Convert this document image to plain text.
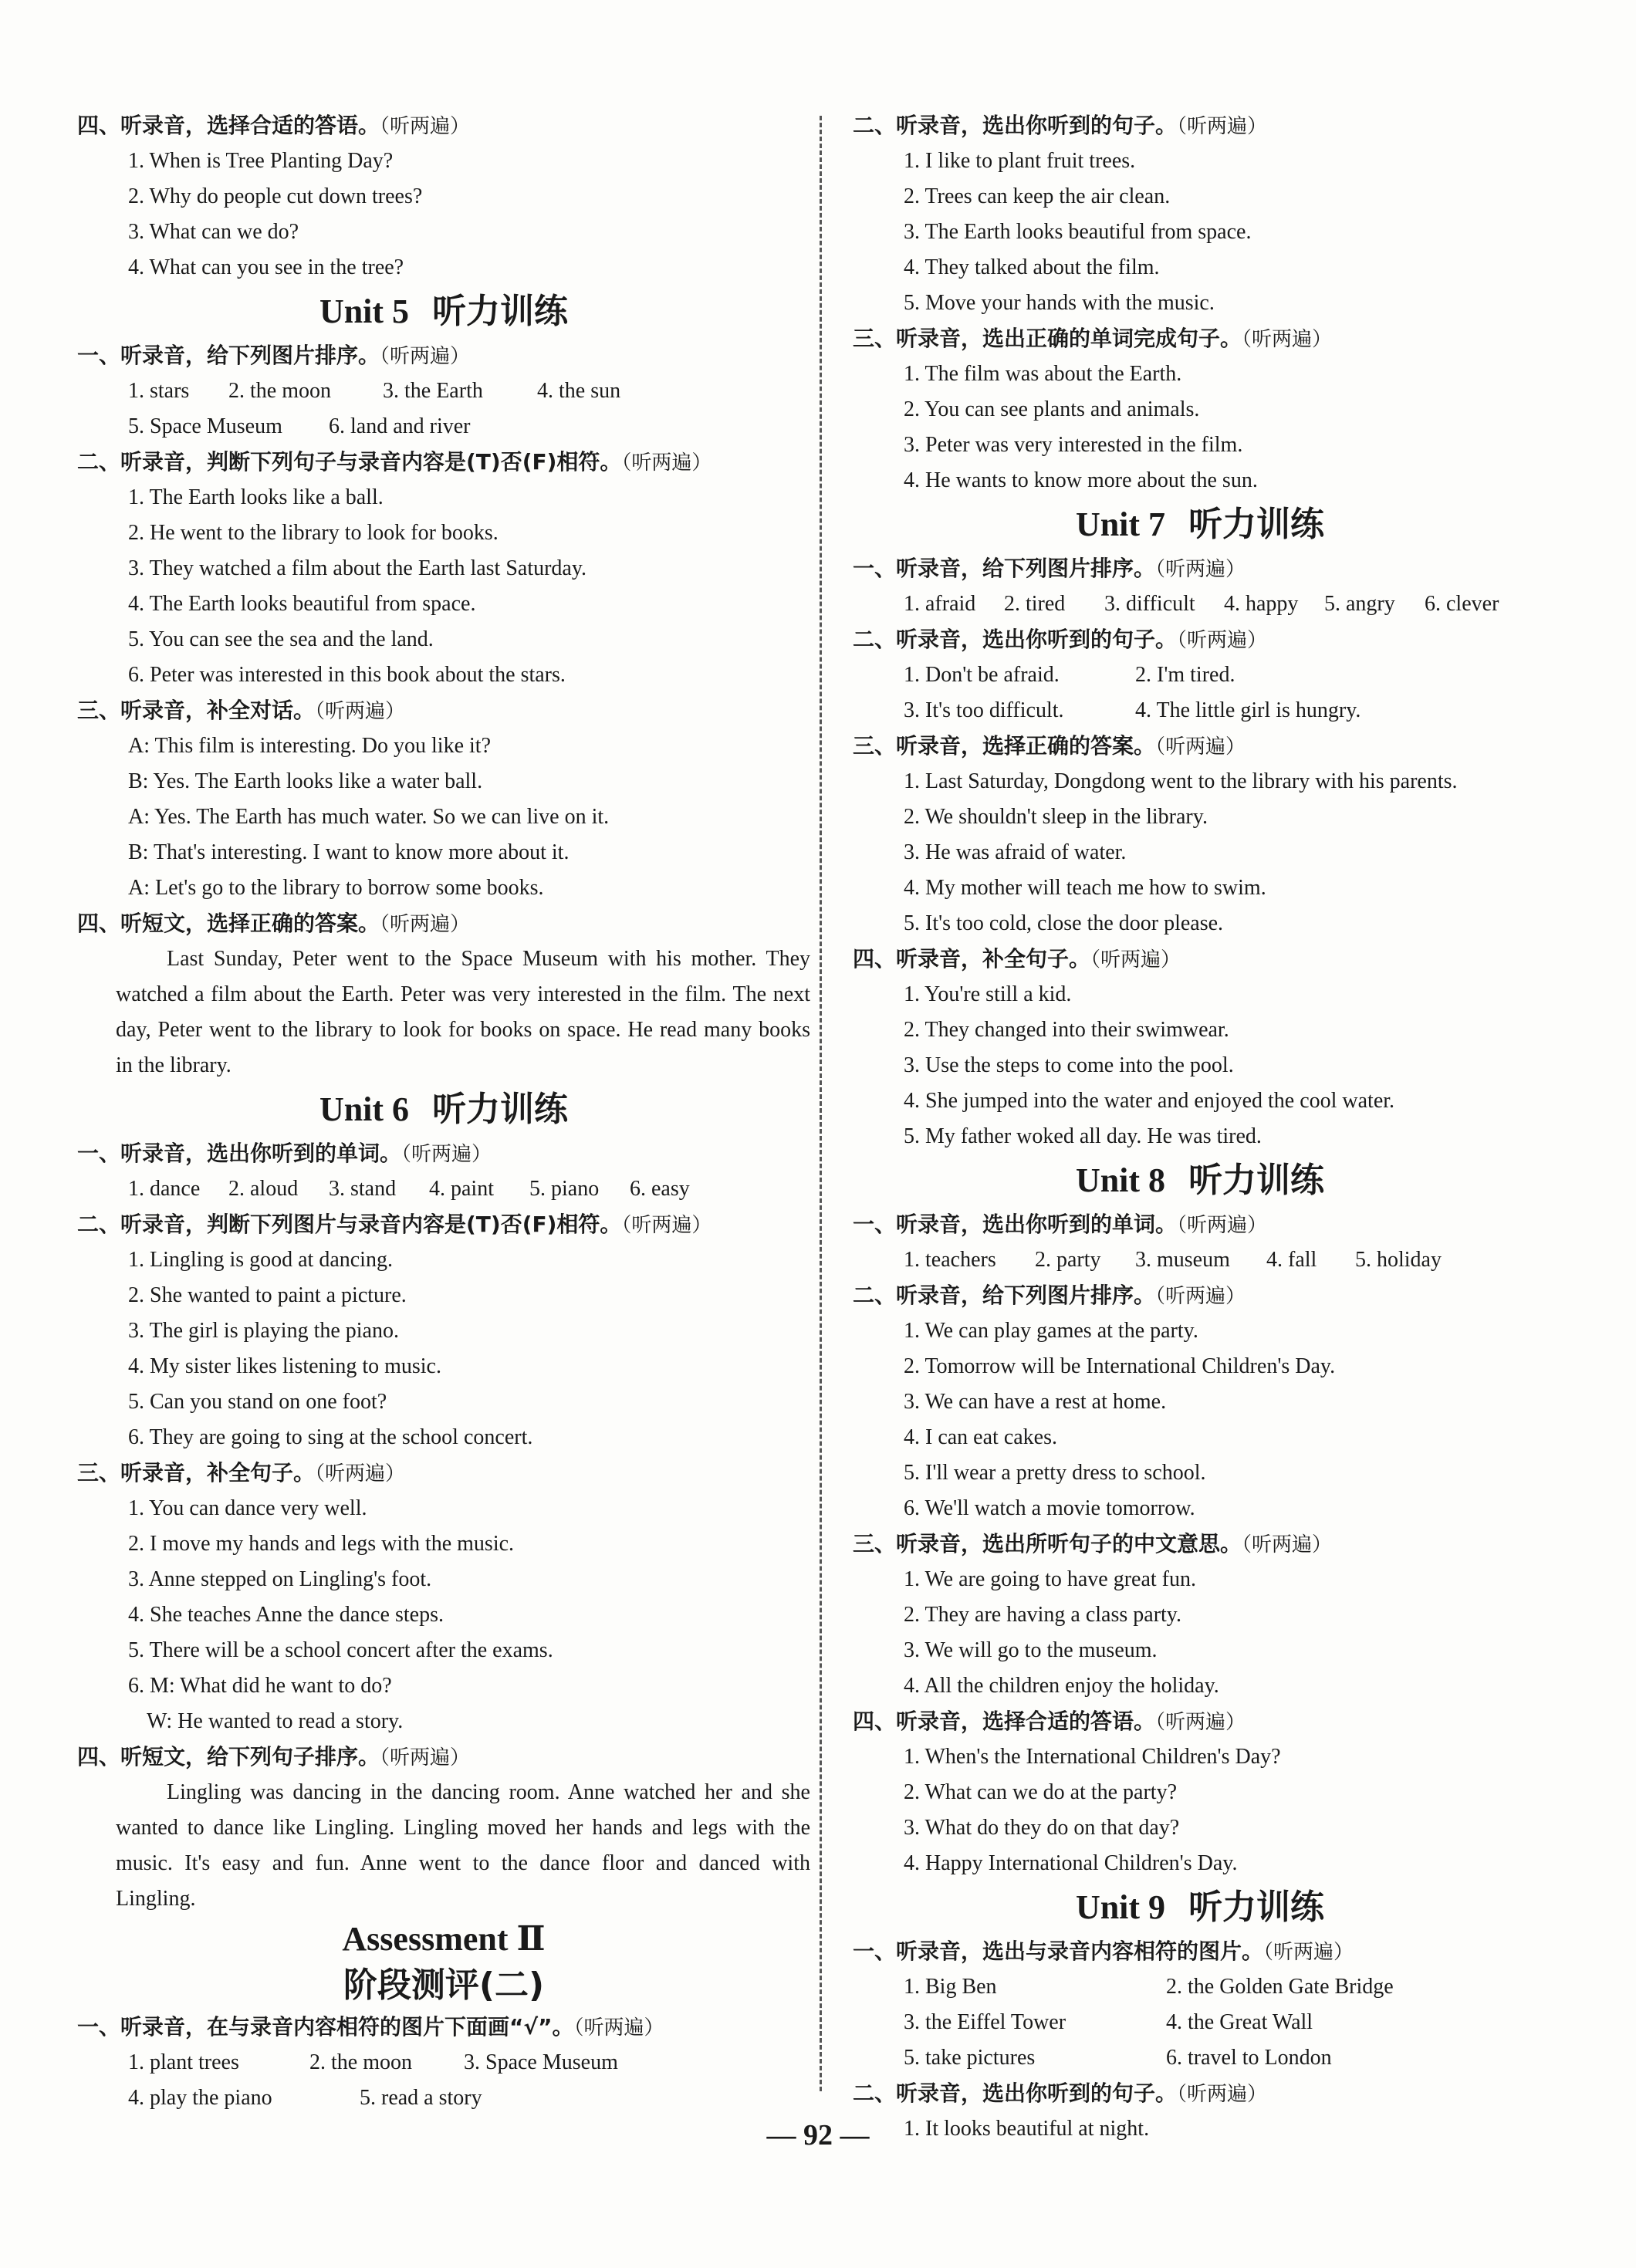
四、听录音，选择合适的答语。（听两遍）
1. When is Tree Planting Day?
2. Why do people cut down trees?
3. What can we do?
4. What can you see in the tree?
Unit 5 听力训练
一、听录音，给下列图片排序。（听两遍）
1. stars 2. the moon 3. the Earth	4. the sun
5. Space Museum 6. land and river
二、听录音，判断下列句子与录音内容是(T)否(F)相符。（听两遍）
1. The Earth looks like a ball.
2. He went to the library to look for books.
3. They watched a film about the Earth last Saturday.
4. The Earth looks beautiful from space.
5. You can see the sea and the land.
6. Peter was interested in this book about the stars.
三、听录音，补全对话。（听两遍）
A: This film is interesting. Do you like it?
B: Yes. The Earth looks like a water ball.
A: Yes. The Earth has much water. So we can live on it.
B: That's interesting. I want to know more about it.
A: Let's go to the library to borrow some books.
四、听短文，选择正确的答案。（听两遍）
Last Sunday, Peter went to the Space Museum with his mother. They watched a film about the Earth. Peter was very interested in the film. The next day, Peter went to the library to look for books on space. He read many books in the library.
Unit 6 听力训练
一、听录音，选出你听到的单词。（听两遍）
1. dance 2. aloud 3. stand 4. paint 5. piano 6. easy
二、听录音，判断下列图片与录音内容是(T)否(F)相符。（听两遍）
1. Lingling is good at dancing.
2. She wanted to paint a picture.
3. The girl is playing the piano.
4. My sister likes listening to music.
5. Can you stand on one foot?
6. They are going to sing at the school concert.
三、听录音，补全句子。（听两遍）
1. You can dance very well.
2. I move my hands and legs with the music.
3. Anne stepped on Lingling's foot.
4. She teaches Anne the dance steps.
5. There will be a school concert after the exams.
6. M: What did he want to do?
W: He wanted to read a story.
四、听短文，给下列句子排序。（听两遍）
Lingling was dancing in the dancing room. Anne watched her and she wanted to dance like Lingling. Lingling moved her hands and legs with the music. It's easy and fun. Anne went to the dance floor and danced with Lingling.
Assessment Ⅱ
阶段测评(二)
一、听录音，在与录音内容相符的图片下面画“√”。（听两遍）
1. plant trees	2. the moon 3. Space Museum
4. play the piano	5. read a story
二、听录音，选出你听到的句子。（听两遍）
1. I like to plant fruit trees.
2. Trees can keep the air clean.
3. The Earth looks beautiful from space.
4. They talked about the film.
5. Move your hands with the music.
三、听录音，选出正确的单词完成句子。（听两遍）
1. The film was about the Earth.
2. You can see plants and animals.
3. Peter was very interested in the film.
4. He wants to know more about the sun.
Unit 7 听力训练
一、听录音，给下列图片排序。（听两遍）
1. afraid 2. tired 3. difficult 4. happy 5. angry 6. clever
二、听录音，选出你听到的句子。（听两遍）
1. Don't be afraid.	2. I'm tired.
3. It's too difficult.	4. The little girl is hungry.
三、听录音，选择正确的答案。（听两遍）
1. Last Saturday, Dongdong went to the library with his parents.
2. We shouldn't sleep in the library.
3. He was afraid of water.
4. My mother will teach me how to swim.
5. It's too cold, close the door please.
四、听录音，补全句子。（听两遍）
1. You're still a kid.
2. They changed into their swimwear.
3. Use the steps to come into the pool.
4. She jumped into the water and enjoyed the cool water.
5. My father woked all day. He was tired.
Unit 8 听力训练
一、听录音，选出你听到的单词。（听两遍）
1. teachers 2. party 3. museum 4. fall 5. holiday
二、听录音，给下列图片排序。（听两遍）
1. We can play games at the party.
2. Tomorrow will be International Children's Day.
3. We can have a rest at home.
4. I can eat cakes.
5. I'll wear a pretty dress to school.
6. We'll watch a movie tomorrow.
三、听录音，选出所听句子的中文意思。（听两遍）
1. We are going to have great fun.
2. They are having a class party.
3. We will go to the museum.
4. All the children enjoy the holiday.
四、听录音，选择合适的答语。（听两遍）
1. When's the International Children's Day?
2. What can we do at the party?
3. What do they do on that day?
4. Happy International Children's Day.
Unit 9 听力训练
一、听录音，选出与录音内容相符的图片。（听两遍）
1. Big Ben	2. the Golden Gate Bridge
3. the Eiffel Tower	4. the Great Wall
5. take pictures	6. travel to London
二、听录音，选出你听到的句子。（听两遍）
1. It looks beautiful at night.
— 92 —
